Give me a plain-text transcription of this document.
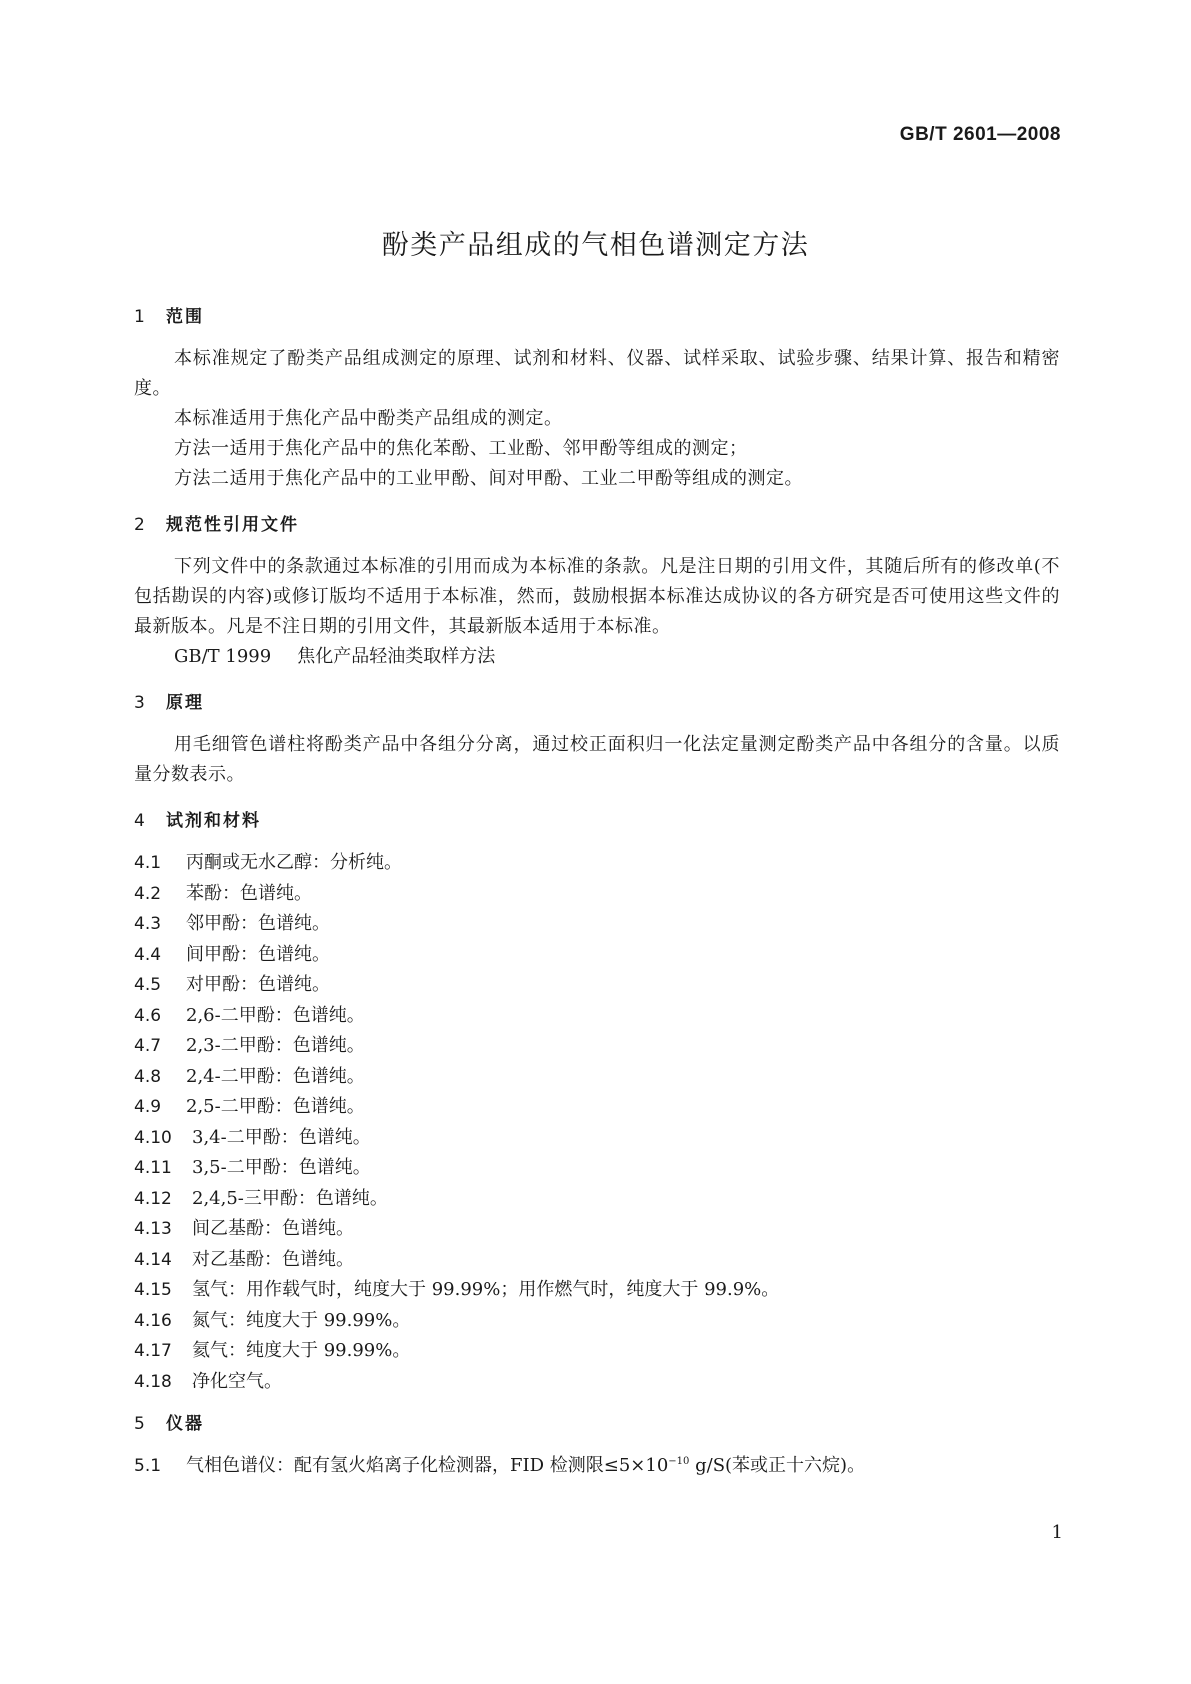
GB/T 2601—2008
酚类产品组成的气相色谱测定方法
1 范围

本标准规定了酚类产品组成测定的原理、试剂和材料、仪器、试样采取、试验步骤、结果计算、报告和精密度。

本标准适用于焦化产品中酚类产品组成的测定。

方法一适用于焦化产品中的焦化苯酚、工业酚、邻甲酚等组成的测定；

方法二适用于焦化产品中的工业甲酚、间对甲酚、工业二甲酚等组成的测定。

2 规范性引用文件

下列文件中的条款通过本标准的引用而成为本标准的条款。凡是注日期的引用文件，其随后所有的修改单(不包括勘误的内容)或修订版均不适用于本标准，然而，鼓励根据本标准达成协议的各方研究是否可使用这些文件的最新版本。凡是不注日期的引用文件，其最新版本适用于本标准。

GB/T 1999 焦化产品轻油类取样方法

3 原理

用毛细管色谱柱将酚类产品中各组分分离，通过校正面积归一化法定量测定酚类产品中各组分的含量。以质量分数表示。

4 试剂和材料
4.1 丙酮或无水乙醇：分析纯。
4.2 苯酚：色谱纯。
4.3 邻甲酚：色谱纯。
4.4 间甲酚：色谱纯。
4.5 对甲酚：色谱纯。
4.6 2,6-二甲酚：色谱纯。
4.7 2,3-二甲酚：色谱纯。
4.8 2,4-二甲酚：色谱纯。
4.9 2,5-二甲酚：色谱纯。
4.10 3,4-二甲酚：色谱纯。
4.11 3,5-二甲酚：色谱纯。
4.12 2,4,5-三甲酚：色谱纯。
4.13 间乙基酚：色谱纯。
4.14 对乙基酚：色谱纯。
4.15 氢气：用作载气时，纯度大于 99.99%；用作燃气时，纯度大于 99.9%。
4.16 氮气：纯度大于 99.99%。
4.17 氦气：纯度大于 99.99%。
4.18 净化空气。
5 仪器
5.1 气相色谱仪：配有氢火焰离子化检测器，FID 检测限$\le 5\times 10^{-10}$ g/S(苯或正十六烷)。
1
